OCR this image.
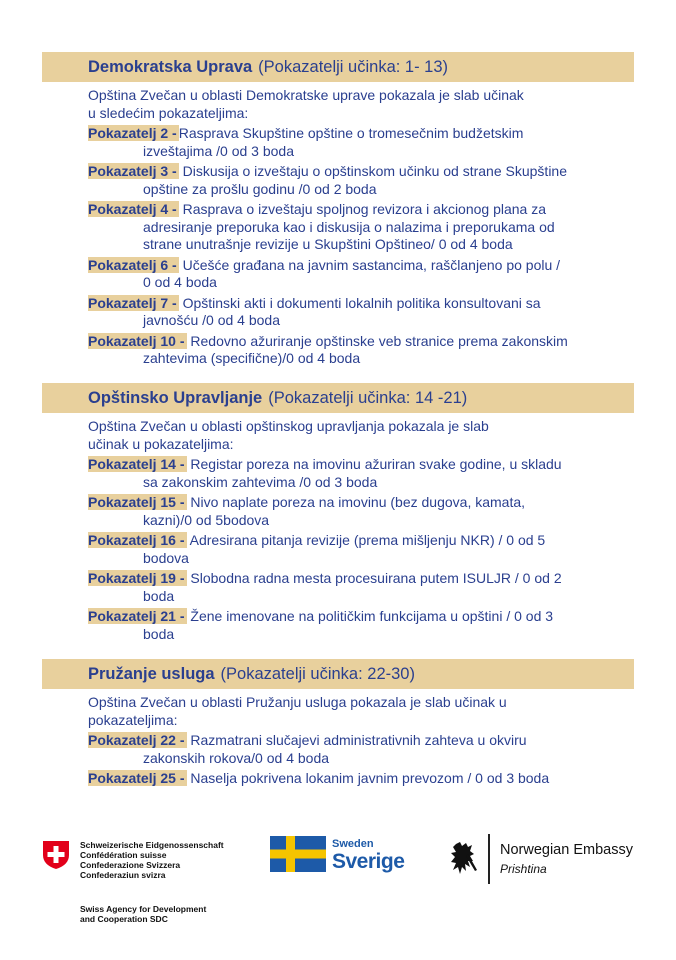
Demokratska Uprava (Pokazatelji učinka: 1- 13)
Opština Zvečan u oblasti Demokratske uprave pokazala je slab učinak
u sledećim pokazateljima:
Pokazatelj 2 - Rasprava Skupštine opštine o tromesečnim budžetskim
izveštajima /0 od 3 boda
Pokazatelj 3 - Diskusija o izveštaju o opštinskom učinku od strane Skupštine
opštine za prošlu godinu /0 od 2 boda
Pokazatelj 4 - Rasprava o izveštaju spoljnog revizora i akcionog plana za
adresiranje preporuka kao i diskusija o nalazima i preporukama od
strane unutrašnje revizije u Skupštini Opštineo/ 0 od 4 boda
Pokazatelj 6 - Učešće građana na javnim sastancima, raščlanjeno po polu /
0 od 4 boda
Pokazatelj 7 - Opštinski akti i dokumenti lokalnih politika konsultovani sa
javnošću /0 od 4 boda
Pokazatelj 10 - Redovno ažuriranje opštinske veb stranice prema zakonskim
zahtevima (specifične)/0 od 4 boda
Opštinsko Upravljanje (Pokazatelji učinka: 14 -21)
Opština Zvečan u oblasti opštinskog upravljanja pokazala je slab
učinak u pokazateljima:
Pokazatelj 14 - Registar poreza na imovinu ažuriran svake godine, u skladu
sa zakonskim zahtevima /0 od 3 boda
Pokazatelj 15 - Nivo naplate poreza na imovinu (bez dugova, kamata,
kazni)/0 od 5bodova
Pokazatelj 16 - Adresirana pitanja revizije (prema mišljenju NKR) / 0 od 5
bodova
Pokazatelj 19 - Slobodna radna mesta procesuirana putem ISULJR / 0 od 2
boda
Pokazatelj 21 - Žene imenovane na političkim funkcijama u opštini / 0 od 3
boda
Pružanje usluga (Pokazatelji učinka: 22-30)
Opština Zvečan u oblasti Pružanju usluga pokazala je slab učinak u
pokazateljima:
Pokazatelj 22 - Razmatrani slučajevi administrativnih zahteva u okviru
zakonskih rokova/0 od 4 boda
Pokazatelj 25 - Naselja pokrivena lokanim javnim prevozom / 0 od 3 boda
Schweizerische Eidgenossenschaft
Confédération suisse
Confederazione Svizzera
Confederaziun svizra
Swiss Agency for Development
and Cooperation SDC
Sweden
Sverige	Norwegian Embassy
Prishtina
